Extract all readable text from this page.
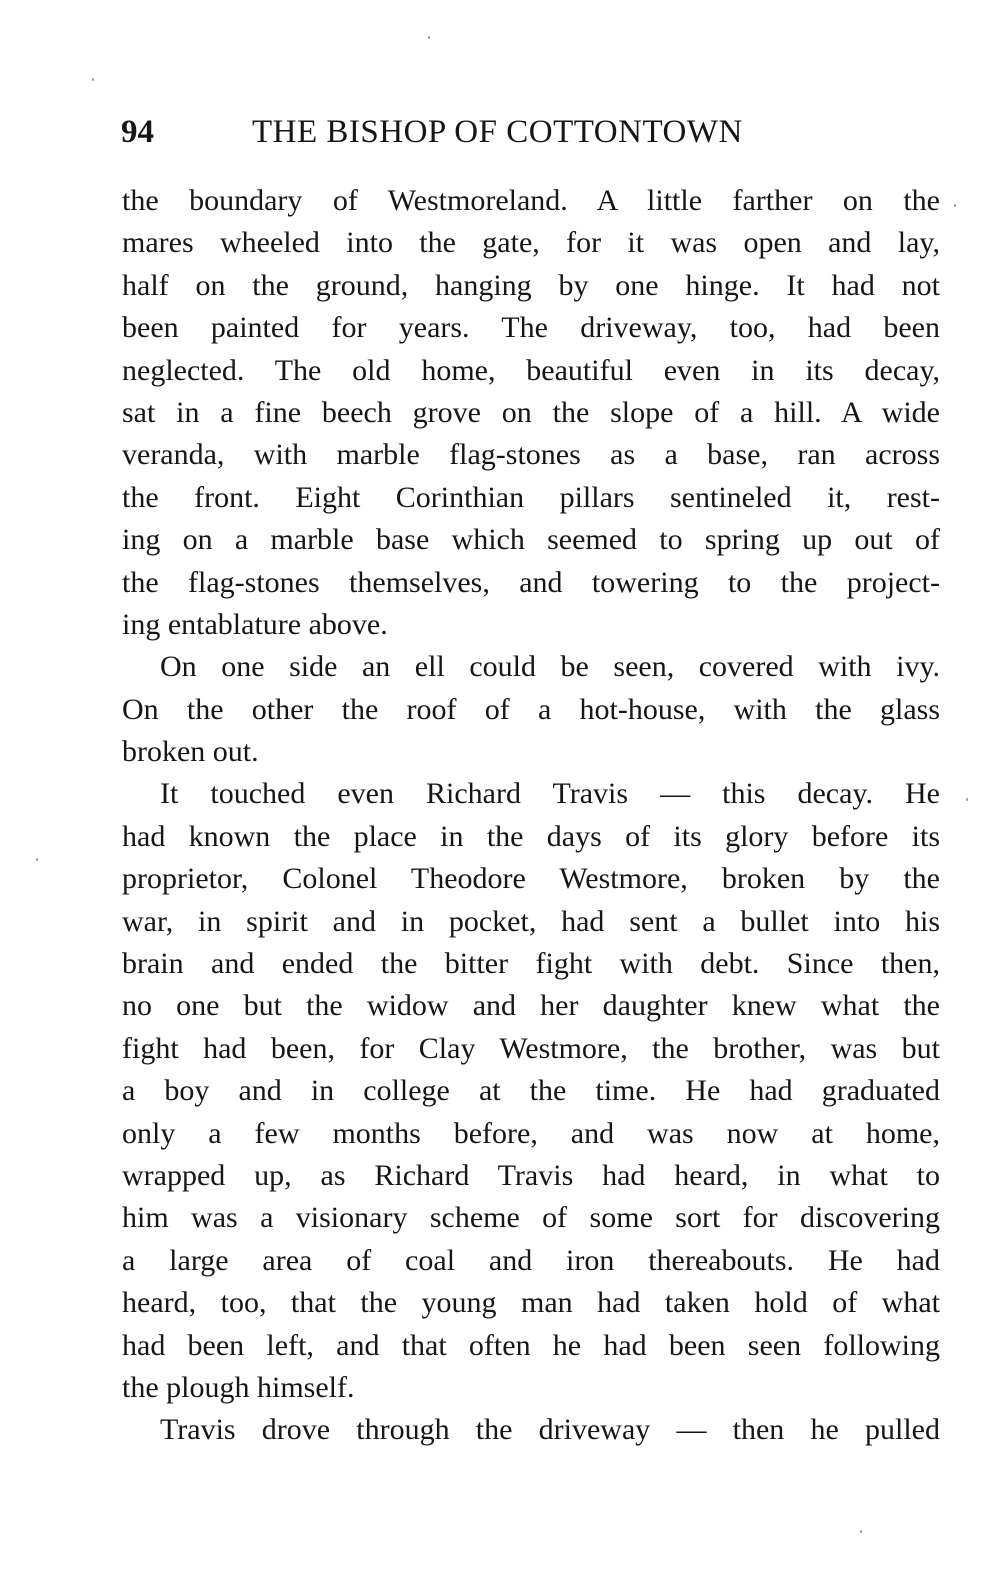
94	THE BISHOP OF COTTONTOWN
the boundary of Westmoreland. A little farther on the
mares wheeled into the gate, for it was open and lay,
half on the ground, hanging by one hinge. It had not
been painted for years. The driveway, too, had been
neglected. The old home, beautiful even in its decay,
sat in a fine beech grove on the slope of a hill. A wide
veranda, with marble flag-stones as a base, ran across
the front. Eight Corinthian pillars sentineled it, rest-
ing on a marble base which seemed to spring up out of
the flag-stones themselves, and towering to the project-
ing entablature above.
On one side an ell could be seen, covered with ivy.
On the other the roof of a hot-house, with the glass
broken out.
It touched even Richard Travis — this decay. He
had known the place in the days of its glory before its
proprietor, Colonel Theodore Westmore, broken by the
war, in spirit and in pocket, had sent a bullet into his
brain and ended the bitter fight with debt. Since then,
no one but the widow and her daughter knew what the
fight had been, for Clay Westmore, the brother, was but
a boy and in college at the time. He had graduated
only a few months before, and was now at home,
wrapped up, as Richard Travis had heard, in what to
him was a visionary scheme of some sort for discovering
a large area of coal and iron thereabouts. He had
heard, too, that the young man had taken hold of what
had been left, and that often he had been seen following
the plough himself.
Travis drove through the driveway — then he pulled
